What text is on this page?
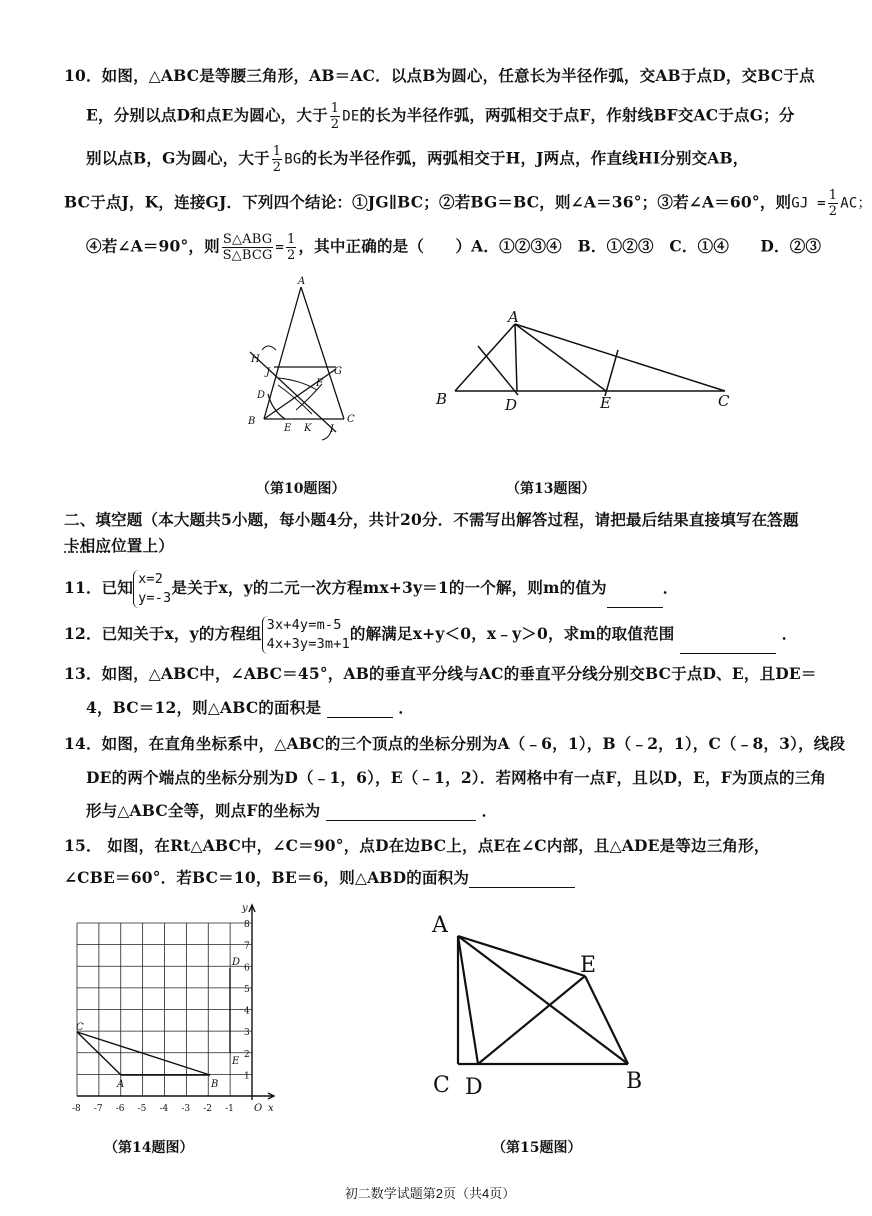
10．如图，△ABC是等腰三角形，AB＝AC．以点B为圆心，任意长为半径作弧，交AB于点D，交BC于点
E，分别以点D和点E为圆心，大于 $\frac{1}{2}$ DE的长为半径作弧，两弧相交于点F，作射线BF交AC于点G；分
别以点B，G为圆心，大于 $\frac{1}{2}$ BG的长为半径作弧，两弧相交于H，J两点，作直线HI分别交AB，
BC于点J，K，连接GJ．下列四个结论：①JG∥BC；②若BG＝BC，则∠A＝36°；③若∠A＝60°，则GJ = $\frac{1}{2}$ AC；
④若∠A＝90°，则 $\frac{\text{S△ABG}}{\text{S△BCG}} = \frac{1}{2}$ ，其中正确的是（　　）A．①②③④　B．①②③　C．①④　　D．②③
A
H
J
F
G
D
B
E K I
C
A
B	D	E	C
（第10题图）	（第13题图）
二、填空题（本大题共5小题，每小题4分，共计20分．不需写出解答过程，请把最后结果直接填写在答题
卡相应位置上）
11．已知 x=2
y=-3
是关于x，y的二元一次方程mx+3y＝1的一个解，则m的值为	．
12．已知关于x，y的方程组 3x+4y=m-5
4x+3y=3m+1
的解满足x+y＜0，x﹣y＞0，求m的取值范围	．
13．如图，△ABC中，∠ABC＝45°，AB的垂直平分线与AC的垂直平分线分别交BC于点D、E，且DE＝
4，BC＝12，则△ABC的面积是	．
14．如图，在直角坐标系中，△ABC的三个顶点的坐标分别为A（﹣6，1），B（﹣2，1），C（﹣8，3），线段
DE的两个端点的坐标分别为D（﹣1，6），E（﹣1，2）．若网格中有一点F，且以D，E，F为顶点的三角
形与△ABC全等，则点F的坐标为	．
15． 如图，在Rt△ABC中，∠C＝90°，点D在边BC上，点E在∠C内部，且△ADE是等边三角形，
∠CBE＝60°．若BC＝10，BE＝6，则△ABD的面积为
-8 -7 -6 -5 -4 -3 -2 -1
1
2
3
4
5
6
7
8
O x
y
A	B
C
D
E
A
E
C D	B
（第14题图）	（第15题图）
初二数学试题第2页（共4页）
